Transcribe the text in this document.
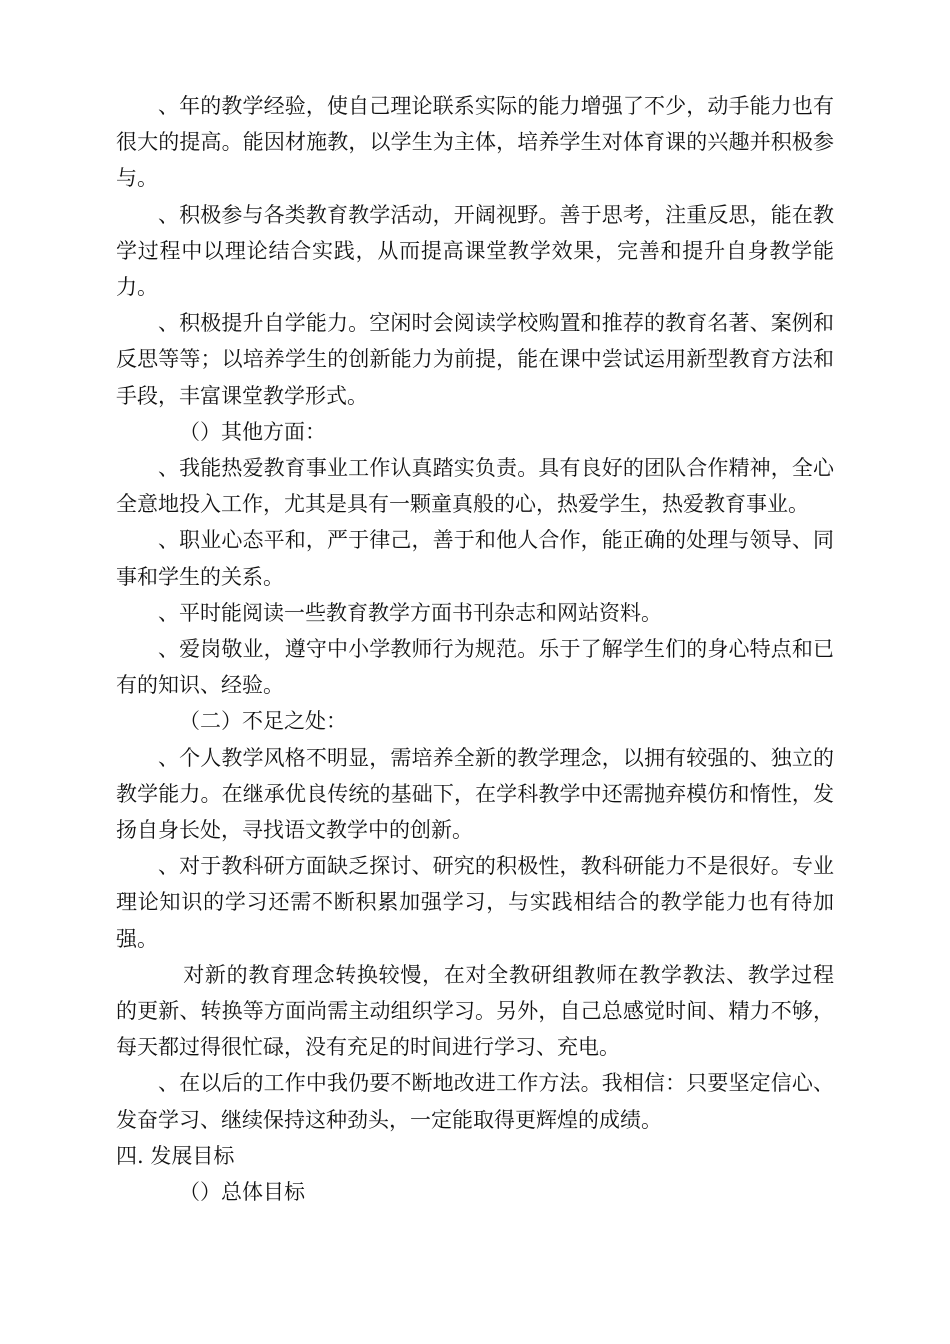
、年的教学经验，使自己理论联系实际的能力增强了不少，动手能力也有很大的提高。能因材施教，以学生为主体，培养学生对体育课的兴趣并积极参与。

、积极参与各类教育教学活动，开阔视野。善于思考，注重反思，能在教学过程中以理论结合实践，从而提高课堂教学效果，完善和提升自身教学能力。

、积极提升自学能力。空闲时会阅读学校购置和推荐的教育名著、案例和反思等等；以培养学生的创新能力为前提，能在课中尝试运用新型教育方法和手段，丰富课堂教学形式。

（）其他方面：

、我能热爱教育事业工作认真踏实负责。具有良好的团队合作精神，全心全意地投入工作，尤其是具有一颗童真般的心，热爱学生，热爱教育事业。

、职业心态平和，严于律己，善于和他人合作，能正确的处理与领导、同事和学生的关系。

、平时能阅读一些教育教学方面书刊杂志和网站资料。

、爱岗敬业，遵守中小学教师行为规范。乐于了解学生们的身心特点和已有的知识、经验。

（二）不足之处：

、个人教学风格不明显，需培养全新的教学理念，以拥有较强的、独立的教学能力。在继承优良传统的基础下，在学科教学中还需抛弃模仿和惰性，发扬自身长处，寻找语文教学中的创新。

、对于教科研方面缺乏探讨、研究的积极性，教科研能力不是很好。专业理论知识的学习还需不断积累加强学习，与实践相结合的教学能力也有待加强。

对新的教育理念转换较慢，在对全教研组教师在教学教法、教学过程的更新、转换等方面尚需主动组织学习。另外，自己总感觉时间、精力不够，每天都过得很忙碌，没有充足的时间进行学习、充电。

、在以后的工作中我仍要不断地改进工作方法。我相信：只要坚定信心、发奋学习、继续保持这种劲头，一定能取得更辉煌的成绩。

四. 发展目标

（）总体目标
